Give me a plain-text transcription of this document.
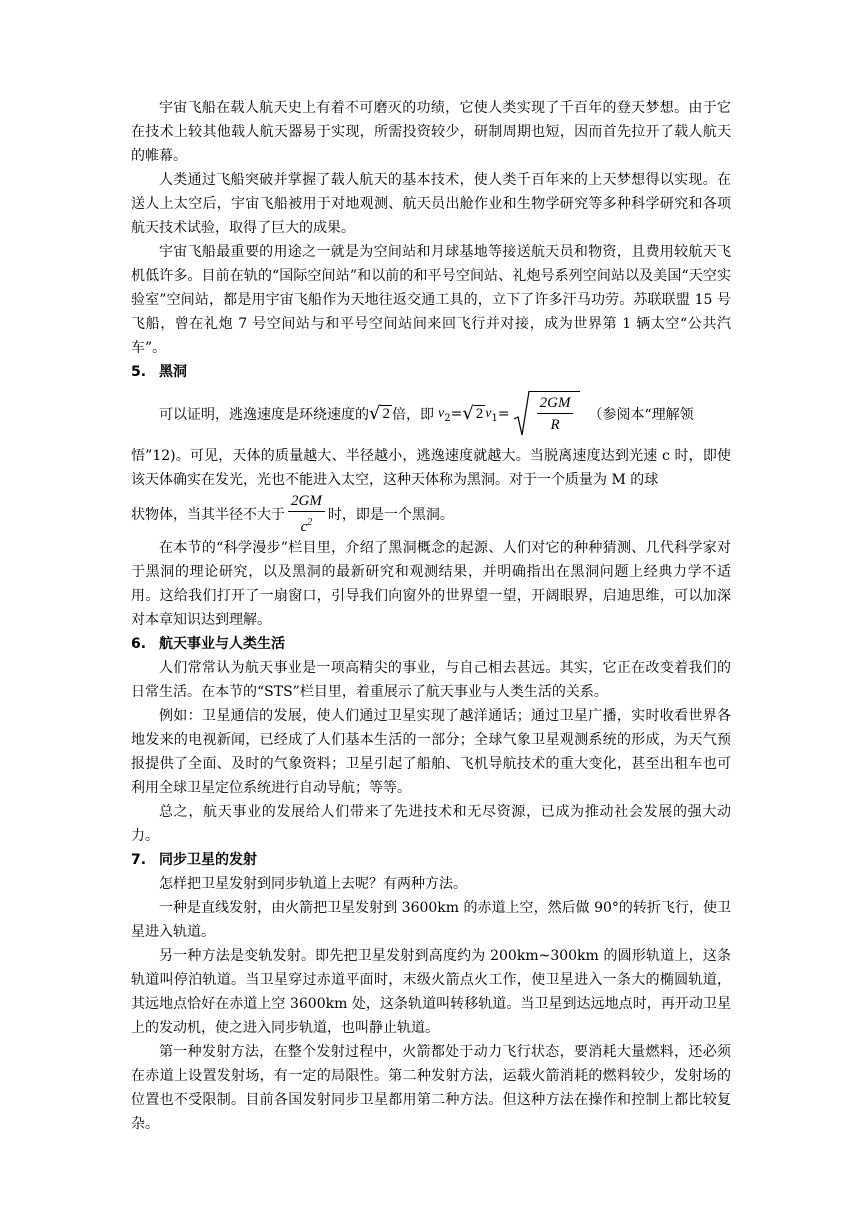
宇宙飞船在载人航天史上有着不可磨灭的功绩，它使人类实现了千百年的登天梦想。由于它在技术上较其他载人航天器易于实现，所需投资较少，研制周期也短，因而首先拉开了载人航天的帷幕。

人类通过飞船突破并掌握了载人航天的基本技术，使人类千百年来的上天梦想得以实现。在送人上太空后，宇宙飞船被用于对地观测、航天员出舱作业和生物学研究等多种科学研究和各项航天技术试验，取得了巨大的成果。

宇宙飞船最重要的用途之一就是为空间站和月球基地等接送航天员和物资，且费用较航天飞机低许多。目前在轨的“国际空间站”和以前的和平号空间站、礼炮号系列空间站以及美国“天空实验室”空间站，都是用宇宙飞船作为天地往返交通工具的，立下了许多汗马功劳。苏联联盟 15 号飞船，曾在礼炮 7 号空间站与和平号空间站间来回飞行并对接，成为世界第 1 辆太空“公共汽车”。

5. 黑洞
可以证明，逃逸速度是环绕速度的 √ 2 倍，即 $v_2$ = √ 2 $v_1 = \frac{2GM}{R}$ （参阅本“理解领

悟”12)。可见，天体的质量越大、半径越小，逃逸速度就越大。当脱离速度达到光速 c 时，即使该天体确实在发光，光也不能进入太空，这种天体称为黑洞。对于一个质量为 M 的球

状物体，当其半径不大于 $\frac{2GM}{c^2}$ 时，即是一个黑洞。

在本节的“科学漫步”栏目里，介绍了黑洞概念的起源、人们对它的种种猜测、几代科学家对于黑洞的理论研究，以及黑洞的最新研究和观测结果，并明确指出在黑洞问题上经典力学不适用。这给我们打开了一扇窗口，引导我们向窗外的世界望一望，开阔眼界，启迪思维，可以加深对本章知识达到理解。

6. 航天事业与人类生活

人们常常认为航天事业是一项高精尖的事业，与自己相去甚远。其实，它正在改变着我们的日常生活。在本节的“STS”栏目里，着重展示了航天事业与人类生活的关系。

例如：卫星通信的发展，使人们通过卫星实现了越洋通话；通过卫星广播，实时收看世界各地发来的电视新闻，已经成了人们基本生活的一部分；全球气象卫星观测系统的形成，为天气预报提供了全面、及时的气象资料；卫星引起了船舶、飞机导航技术的重大变化，甚至出租车也可利用全球卫星定位系统进行自动导航；等等。

总之，航天事业的发展给人们带来了先进技术和无尽资源，已成为推动社会发展的强大动力。

7. 同步卫星的发射

怎样把卫星发射到同步轨道上去呢？有两种方法。

一种是直线发射，由火箭把卫星发射到 3600km 的赤道上空，然后做 90°的转折飞行，使卫星进入轨道。

另一种方法是变轨发射。即先把卫星发射到高度约为 200km~300km 的圆形轨道上，这条轨道叫停泊轨道。当卫星穿过赤道平面时，末级火箭点火工作，使卫星进入一条大的椭圆轨道，其远地点恰好在赤道上空 3600km 处，这条轨道叫转移轨道。当卫星到达远地点时，再开动卫星上的发动机，使之进入同步轨道，也叫静止轨道。

第一种发射方法，在整个发射过程中，火箭都处于动力飞行状态，要消耗大量燃料，还必须在赤道上设置发射场，有一定的局限性。第二种发射方法，运载火箭消耗的燃料较少，发射场的位置也不受限制。目前各国发射同步卫星都用第二种方法。但这种方法在操作和控制上都比较复杂。
